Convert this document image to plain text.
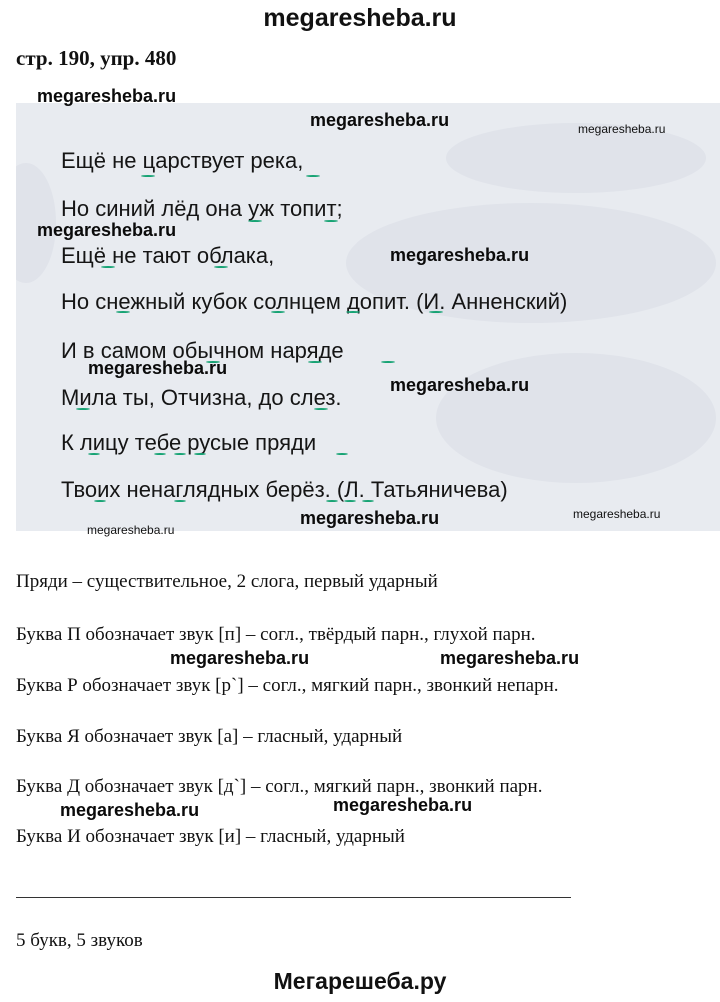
megaresheba.ru
стр. 190, упр. 480
Ещё не царствует река,
Но синий лёд она уж топит;
Ещё не тают облака,
Но снежный кубок солнцем допит. (И. Анненский)
И в самом обычном наряде
Мила ты, Отчизна, до слез.
К лицу тебе русые пряди
Твоих ненаглядных берёз. (Л. Татьяничева)
megaresheba.ru
megaresheba.ru	megaresheba.ru
megaresheba.ru
megaresheba.ru
megaresheba.ru
megaresheba.ru
megaresheba.ru
megaresheba.ru	megaresheba.ru
megaresheba.ru	megaresheba.ru
megaresheba.ru	megaresheba.ru
Пряди – существительное, 2 слога, первый ударный
Буква П обозначает звук [п] – согл., твёрдый парн., глухой парн.
Буква Р обозначает звук [р`] – согл., мягкий парн., звонкий непарн.
Буква Я обозначает звук [а] – гласный, ударный
Буква Д обозначает звук [д`] – согл., мягкий парн., звонкий парн.
Буква И обозначает звук [и] – гласный, ударный
5 букв, 5 звуков
Мегарешеба.ру
